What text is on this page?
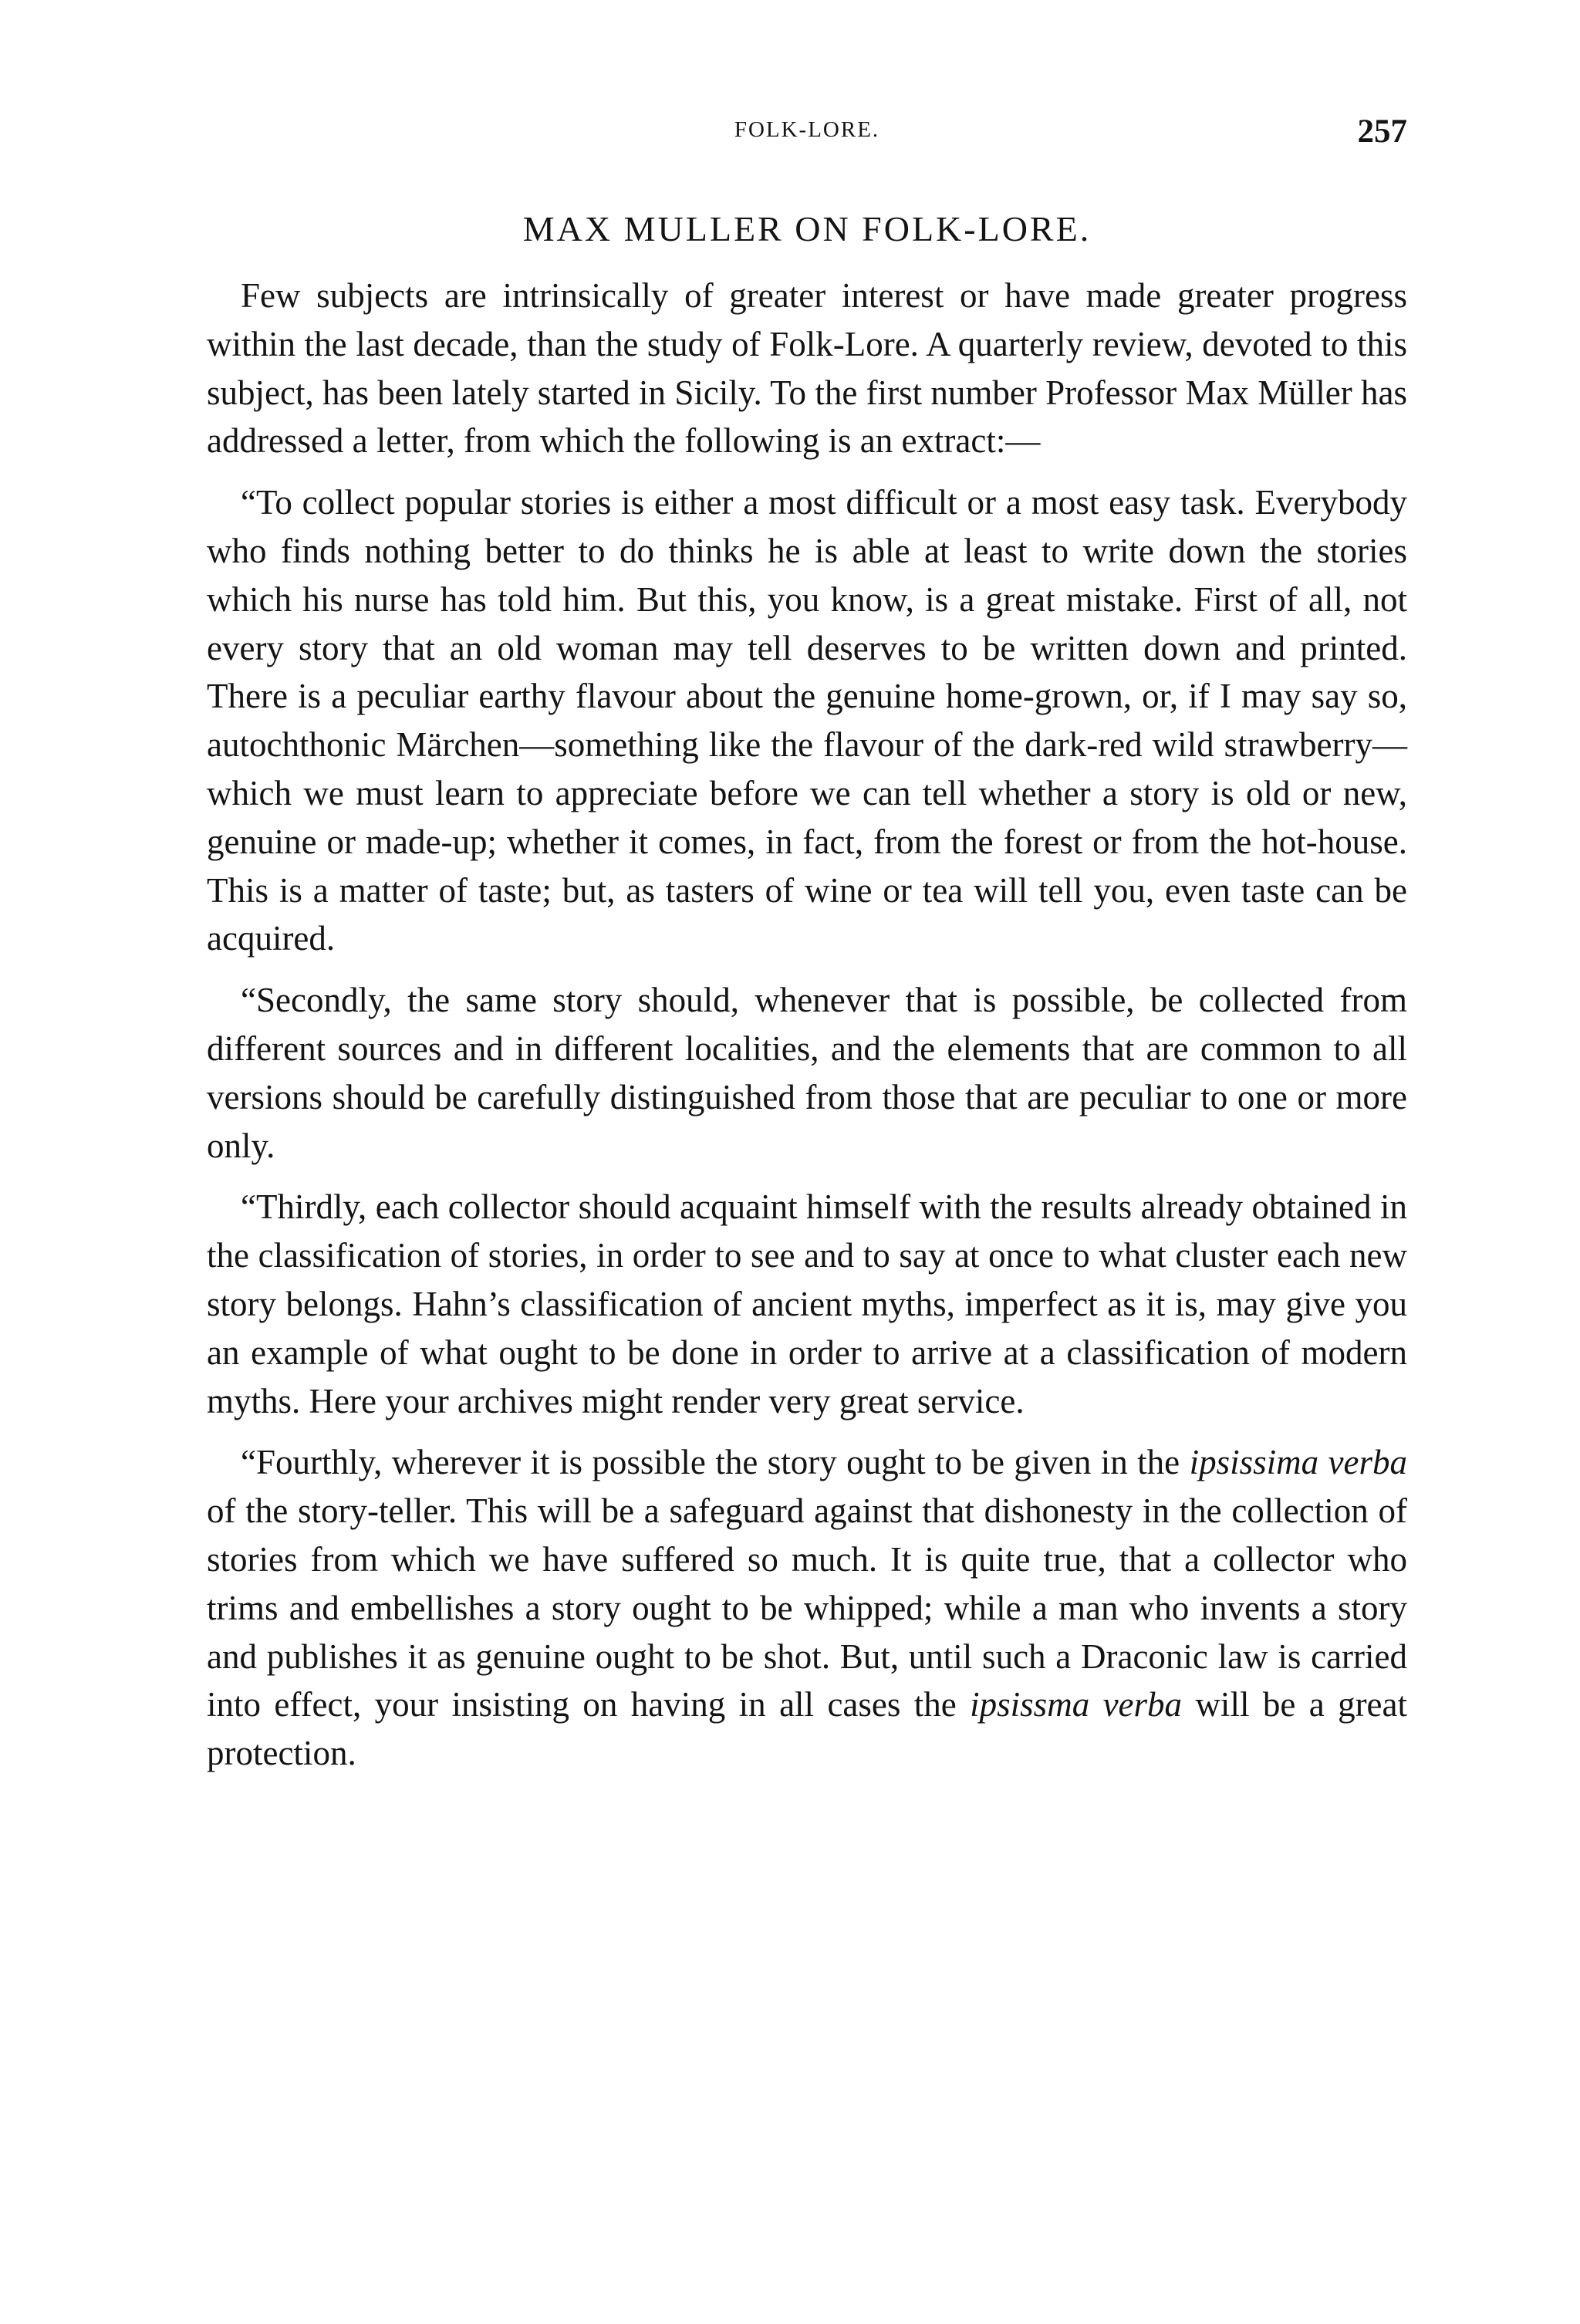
FOLK-LORE.	257
MAX MULLER ON FOLK-LORE.

Few subjects are intrinsically of greater interest or have made greater progress within the last decade, than the study of Folk-Lore. A quarterly review, devoted to this subject, has been lately started in Sicily. To the first number Professor Max Müller has addressed a letter, from which the following is an extract:—

“To collect popular stories is either a most difficult or a most easy task. Everybody who finds nothing better to do thinks he is able at least to write down the stories which his nurse has told him. But this, you know, is a great mistake. First of all, not every story that an old woman may tell deserves to be written down and printed. There is a peculiar earthy flavour about the genuine home-grown, or, if I may say so, autochthonic Märchen—something like the flavour of the dark-red wild strawberry—which we must learn to appreciate before we can tell whether a story is old or new, genuine or made-up; whether it comes, in fact, from the forest or from the hot-house. This is a matter of taste; but, as tasters of wine or tea will tell you, even taste can be acquired.

“Secondly, the same story should, whenever that is possible, be collected from different sources and in different localities, and the elements that are common to all versions should be carefully distinguished from those that are peculiar to one or more only.

“Thirdly, each collector should acquaint himself with the results already obtained in the classification of stories, in order to see and to say at once to what cluster each new story belongs. Hahn’s classification of ancient myths, imperfect as it is, may give you an example of what ought to be done in order to arrive at a classification of modern myths. Here your archives might render very great service.

“Fourthly, wherever it is possible the story ought to be given in the ipsissima verba of the story-teller. This will be a safeguard against that dishonesty in the collection of stories from which we have suffered so much. It is quite true, that a collector who trims and embellishes a story ought to be whipped; while a man who invents a story and publishes it as genuine ought to be shot. But, until such a Draconic law is carried into effect, your insisting on having in all cases the ipsissma verba will be a great protection.
